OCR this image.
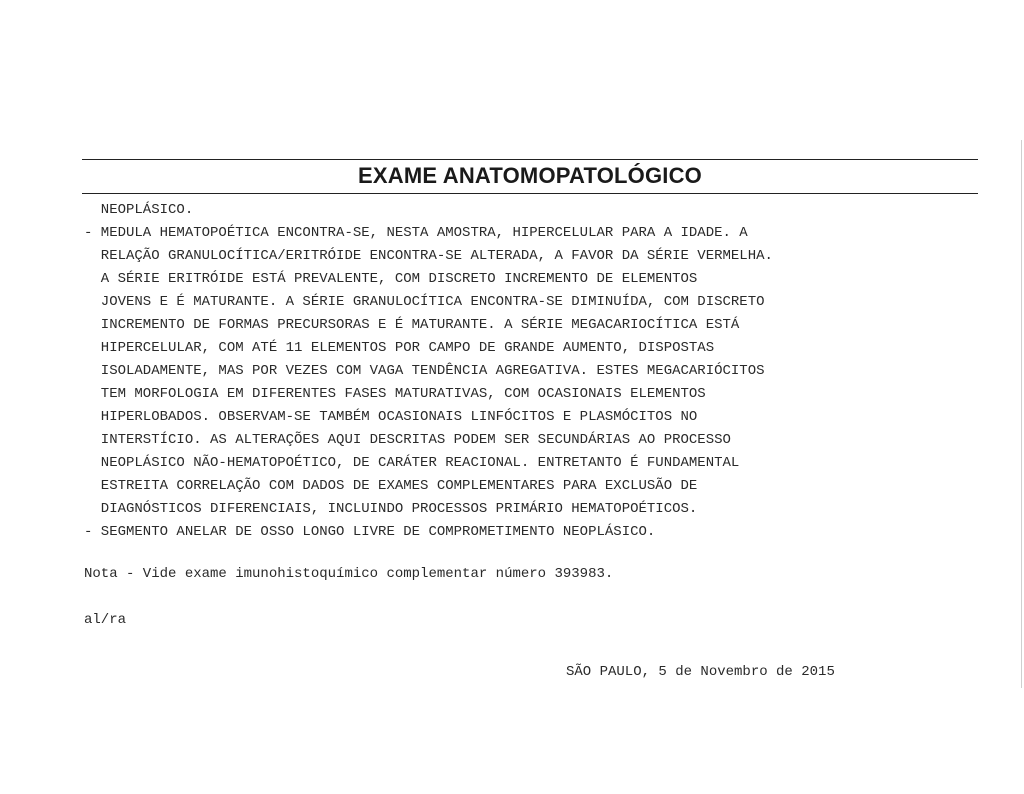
EXAME ANATOMOPATOLÓGICO
NEOPLÁSICO.
- MEDULA HEMATOPOÉTICA ENCONTRA-SE, NESTA AMOSTRA, HIPERCELULAR PARA A IDADE. A
RELAÇÃO GRANULOCÍTICA/ERITRÓIDE ENCONTRA-SE ALTERADA, A FAVOR DA SÉRIE VERMELHA.
A SÉRIE ERITRÓIDE ESTÁ PREVALENTE, COM DISCRETO INCREMENTO DE ELEMENTOS
JOVENS E É MATURANTE. A SÉRIE GRANULOCÍTICA ENCONTRA-SE DIMINUÍDA, COM DISCRETO
INCREMENTO DE FORMAS PRECURSORAS E É MATURANTE. A SÉRIE MEGACARIOCÍTICA ESTÁ
HIPERCELULAR, COM ATÉ 11 ELEMENTOS POR CAMPO DE GRANDE AUMENTO, DISPOSTAS
ISOLADAMENTE, MAS POR VEZES COM VAGA TENDÊNCIA AGREGATIVA. ESTES MEGACARIÓCITOS
TEM MORFOLOGIA EM DIFERENTES FASES MATURATIVAS, COM OCASIONAIS ELEMENTOS
HIPERLOBADOS. OBSERVAM-SE TAMBÉM OCASIONAIS LINFÓCITOS E PLASMÓCITOS NO
INTERSTÍCIO. AS ALTERAÇÕES AQUI DESCRITAS PODEM SER SECUNDÁRIAS AO PROCESSO
NEOPLÁSICO NÃO-HEMATOPOÉTICO, DE CARÁTER REACIONAL. ENTRETANTO É FUNDAMENTAL
ESTREITA CORRELAÇÃO COM DADOS DE EXAMES COMPLEMENTARES PARA EXCLUSÃO DE
DIAGNÓSTICOS DIFERENCIAIS, INCLUINDO PROCESSOS PRIMÁRIO HEMATOPOÉTICOS.
- SEGMENTO ANELAR DE OSSO LONGO LIVRE DE COMPROMETIMENTO NEOPLÁSICO.
Nota - Vide exame imunohistoquímico complementar número 393983.
al/ra
SÃO PAULO, 5 de Novembro de 2015
